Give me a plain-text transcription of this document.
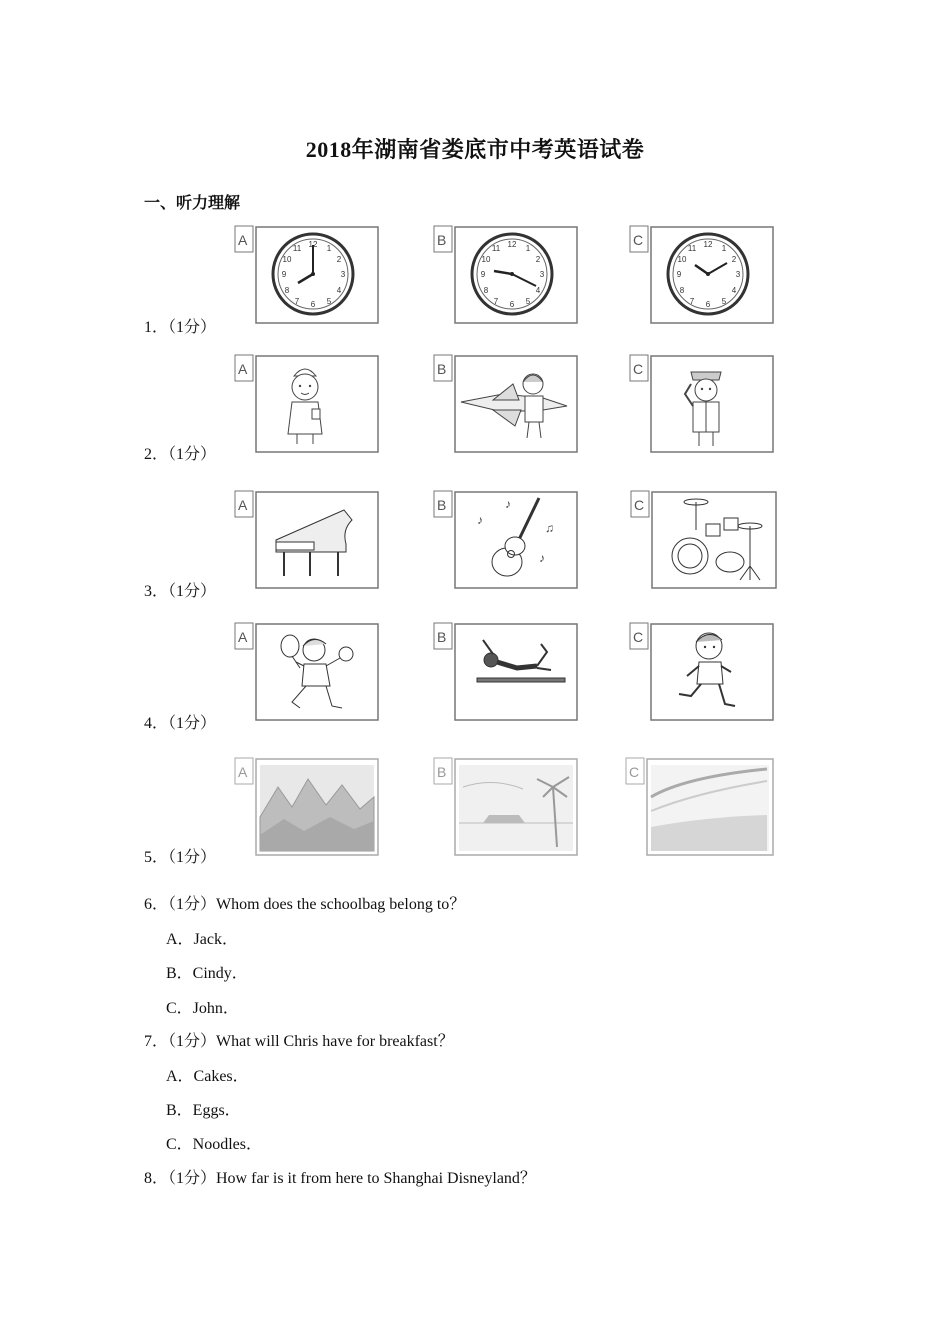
2018年湖南省娄底市中考英语试卷
一、听力理解
1．（1分）
2．（1分）
3．（1分）
4．（1分）
5．（1分）
A	12
3
6
9
1
2
4
5
7
8
10
11
B	12
3
6
9
1
2
4
5
7
8
10
11
C	12
3
6
9
1
2
4
5
7
8
10
11
A	B	C
A	B
♪
♫
♪
♪	C
A	B	C
A	B	C
6．（1分）Whom does the schoolbag belong to？
A．Jack．
B．Cindy．
C．John．
7．（1分）What will Chris have for breakfast？
A．Cakes．
B．Eggs．
C．Noodles．
8．（1分）How far is it from here to Shanghai Disneyland？
